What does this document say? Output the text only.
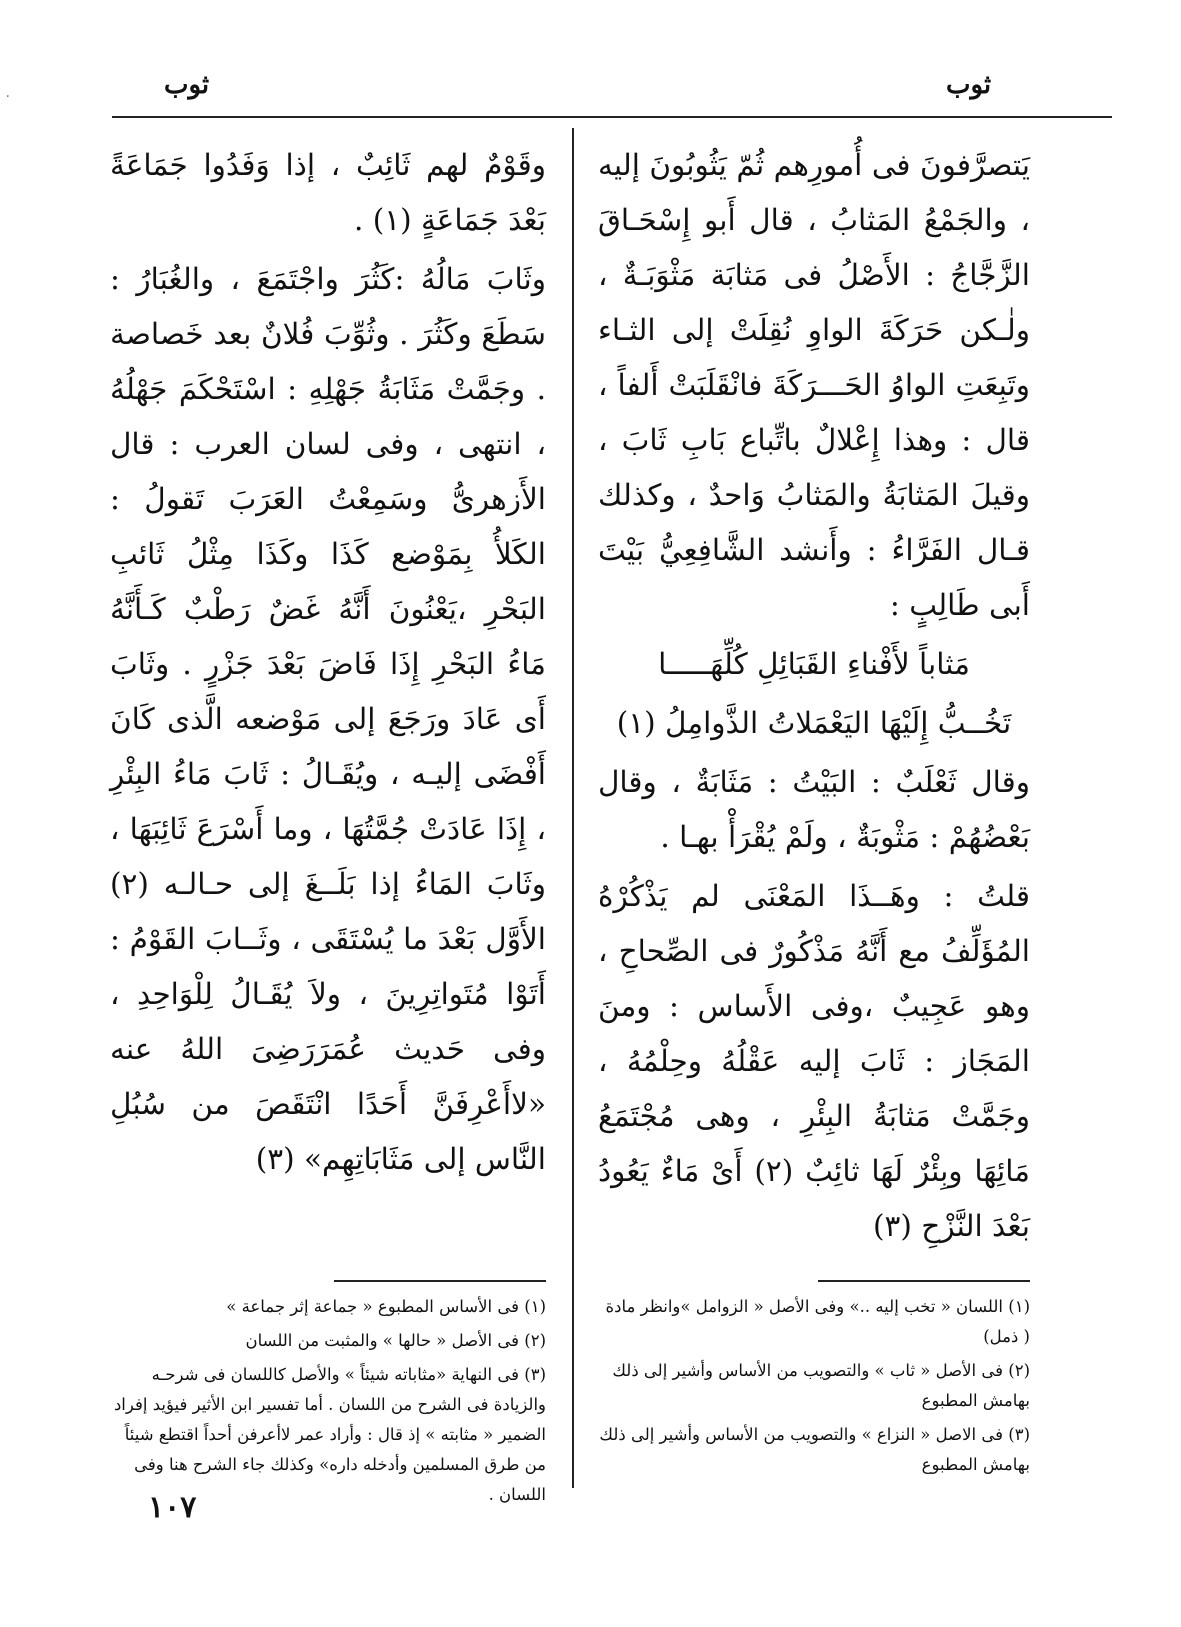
٠	ثوب
ثوب

يَتصرَّفونَ فى أُمورِهم ثُمّ يَثُوبُونَ إليه ، والجَمْعُ المَثابُ ، قال أَبو إِسْحَـاقَ الزَّجَّاجُ : الأَصْلُ فى مَثابَة مَثْوَبَـةٌ ، ولٰـكن حَرَكَةَ الواوِ نُقِلَتْ إلى الثـاء وتَبِعَتِ الواوُ الحَـــرَكَةَ فانْقَلَبَتْ أَلفاً ، قال : وهذا إِعْلالٌ باتِّباع بَابِ ثَابَ ، وقيلَ المَثابَةُ والمَثابُ وَاحدٌ ، وكذلك قـال الفَرَّاءُ : وأَنشد الشَّافِعِيُّ بَيْتَ أَبى طَالِبٍ :

مَثاباً لأَفْناءِ القَبَائِلِ كُلِّهَـــــا

تَخُــبُّ إِلَيْهَا اليَعْمَلاتُ الذَّوامِلُ (١)

وقال ثَعْلَبٌ : البَيْتُ : مَثَابَةٌ ، وقال بَعْضُهُمْ : مَثْوبَةٌ ، ولَمْ يُقْرَأْ بهـا .

قلتُ : وهَــذَا المَعْنَى لم يَذْكُرْهُ المُؤَلِّفُ مع أَنَّهُ مَذْكُورٌ فى الصِّحاحِ ، وهو عَجِيبٌ ،وفى الأَساس : ومنَ المَجَاز : ثَابَ إليه عَقْلُهُ وحِلْمُهُ ، وجَمَّتْ مَثابَةُ البِئْرِ ، وهى مُجْتَمَعُ مَائِهَا وبِئْرٌ لَهَا ثائِبٌ (٢) أَىْ مَاءٌ يَعُودُ بَعْدَ النَّزْحِ (٣)

وقَوْمٌ لهم ثَائِبٌ ، إذا وَفَدُوا جَمَاعَةً بَعْدَ جَمَاعَةٍ (١) .

وثَابَ مَالُهُ :كَثُرَ واجْتَمَعَ ، والغُبَارُ : سَطَعَ وكَثُرَ . وثُوِّبَ فُلانٌ بعد خَصاصة . وجَمَّتْ مَثَابَةُ جَهْلِهِ : اسْتَحْكَمَ جَهْلُهُ ، انتهى ، وفى لسان العرب : قال الأَزهرىُّ وسَمِعْتُ العَرَبَ تَقولُ : الكَلأُ بِمَوْضع كَذَا وكَذَا مِثْلُ ثَائبِ البَحْرِ ،يَعْنُونَ أَنَّهُ غَضٌ رَطْبٌ كَـأَنَّهُ مَاءُ البَحْرِ إِذَا فَاضَ بَعْدَ جَزْرٍ . وثَابَ أَى عَادَ ورَجَعَ إلى مَوْضعه الَّذى كَانَ أَفْضَى إليـه ، ويُقَـالُ : ثَابَ مَاءُ البِئْرِ ، إِذَا عَادَتْ جُمَّتُهَا ، وما أَسْرَعَ ثَائِبَهَا ، وثَابَ المَاءُ إذا بَلَــغَ إلى حـالـه (٢) الأَوَّل بَعْدَ ما يُسْتَقَى ، وثَــابَ القَوْمُ : أَتَوْا مُتَواتِرِينَ ، ولاَ يُقَـالُ لِلْوَاحِدِ ، وفى حَديث عُمَرَرَضِىَ اللهُ عنه «لاأَعْرِفَنَّ أَحَدًا انْتَقَصَ من سُبُلِ النَّاس إلى مَثَابَاتِهِم» (٣)

(١) اللسان « تخب إليه ..» وفى الأصل « الزوامل »وانظر مادة ( ذمل)
(٢) فى الأصل « ثاب » والتصويب من الأساس وأشير إلى ذلك بهامش المطبوع
(٣) فى الاصل « النزاع » والتصويب من الأساس وأشير إلى ذلك بهامش المطبوع
(١) فى الأساس المطبوع « جماعة إثر جماعة »
(٢) فى الأصل « حالها » والمثبت من اللسان
(٣) فى النهاية «مثاباته شيئاً » والأصل كاللسان فى شرحـه والزيادة فى الشرح من اللسان . أما تفسير ابن الأثير فيؤيد إفراد الضمير « مثابته » إذ قال : وأراد عمر لاأعرفن أحداً اقتطع شيئاً من طرق المسلمين وأدخله داره» وكذلك جاء الشرح هنا وفى اللسان .
١٠٧
